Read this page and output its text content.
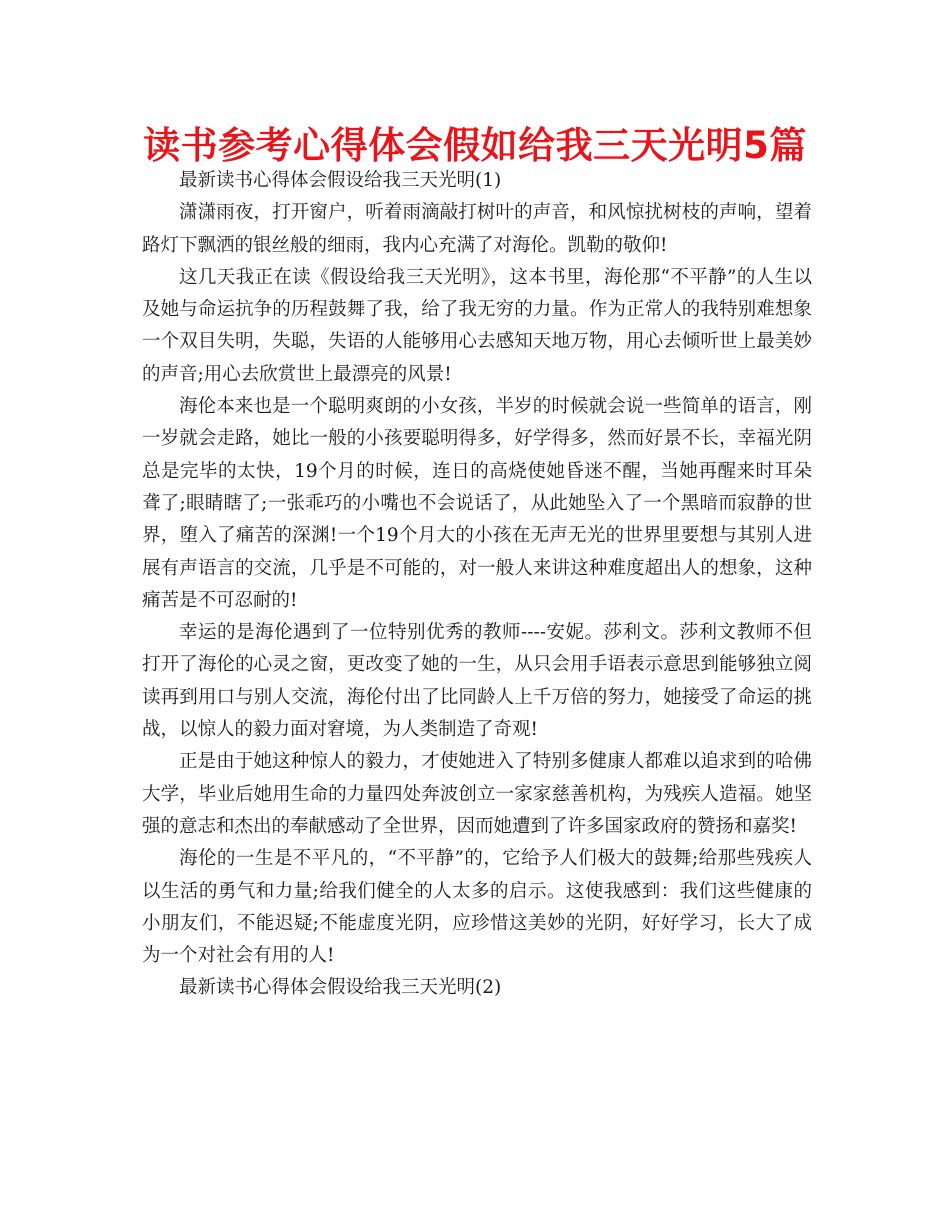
读书参考心得体会假如给我三天光明5篇

最新读书心得体会假设给我三天光明(1)

潇潇雨夜，打开窗户，听着雨滴敲打树叶的声音，和风惊扰树枝的声响，望着路灯下飘洒的银丝般的细雨，我内心充满了对海伦。凯勒的敬仰!

这几天我正在读《假设给我三天光明》，这本书里，海伦那“不平静”的人生以及她与命运抗争的历程鼓舞了我，给了我无穷的力量。作为正常人的我特别难想象一个双目失明，失聪，失语的人能够用心去感知天地万物，用心去倾听世上最美妙的声音;用心去欣赏世上最漂亮的风景!

海伦本来也是一个聪明爽朗的小女孩，半岁的时候就会说一些简单的语言，刚一岁就会走路，她比一般的小孩要聪明得多，好学得多，然而好景不长，幸福光阴总是完毕的太快，19个月的时候，连日的高烧使她昏迷不醒，当她再醒来时耳朵聋了;眼睛瞎了;一张乖巧的小嘴也不会说话了，从此她坠入了一个黑暗而寂静的世界，堕入了痛苦的深渊!一个19个月大的小孩在无声无光的世界里要想与其别人进展有声语言的交流，几乎是不可能的，对一般人来讲这种难度超出人的想象，这种痛苦是不可忍耐的!

幸运的是海伦遇到了一位特别优秀的教师----安妮。莎利文。莎利文教师不但打开了海伦的心灵之窗，更改变了她的一生，从只会用手语表示意思到能够独立阅读再到用口与别人交流，海伦付出了比同龄人上千万倍的努力，她接受了命运的挑战，以惊人的毅力面对窘境，为人类制造了奇观!

正是由于她这种惊人的毅力，才使她进入了特别多健康人都难以追求到的哈佛大学，毕业后她用生命的力量四处奔波创立一家家慈善机构，为残疾人造福。她坚强的意志和杰出的奉献感动了全世界，因而她遭到了许多国家政府的赞扬和嘉奖!

海伦的一生是不平凡的，“不平静”的，它给予人们极大的鼓舞;给那些残疾人以生活的勇气和力量;给我们健全的人太多的启示。这使我感到：我们这些健康的小朋友们，不能迟疑;不能虚度光阴，应珍惜这美妙的光阴，好好学习，长大了成为一个对社会有用的人!

最新读书心得体会假设给我三天光明(2)
